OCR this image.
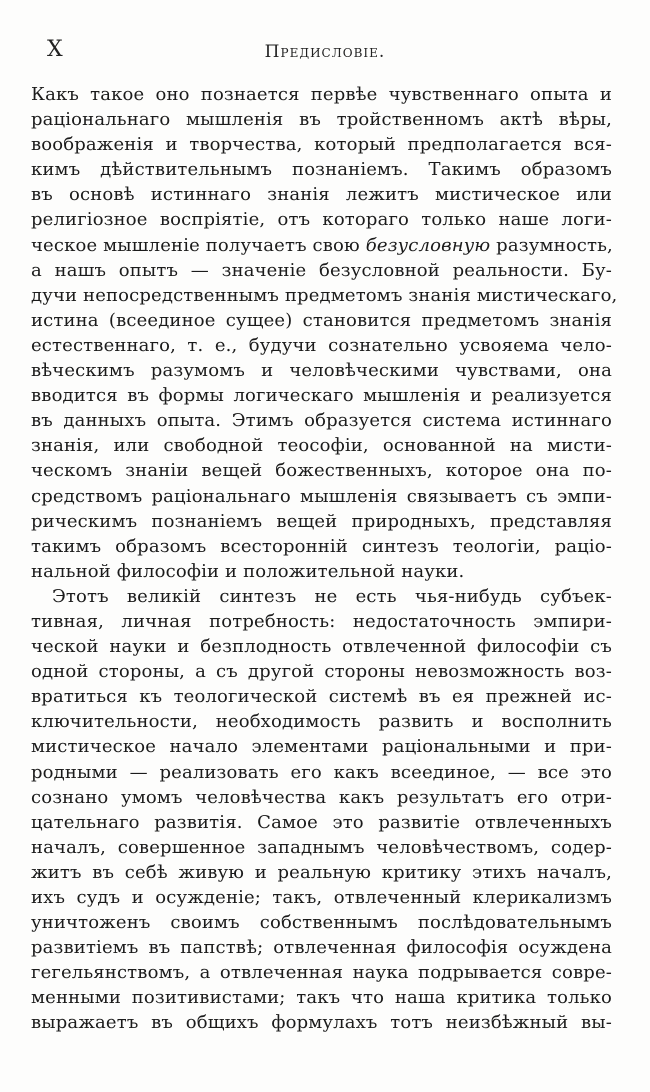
X	Предисловіе.
Какъ такое оно познается первѣе чувственнаго опыта и
раціональнаго мышленія въ тройственномъ актѣ вѣры,
воображенія и творчества, который предполагается вся-
кимъ дѣйствительнымъ познаніемъ. Такимъ образомъ
въ основѣ истиннаго знанія лежитъ мистическое или
религіозное воспріятіе, отъ котораго только наше логи-
ческое мышленіе получаетъ свою безусловную разумность,
а нашъ опытъ — значеніе безусловной реальности. Бу-
дучи непосредственнымъ предметомъ знанія мистическаго,
истина (всеединое сущее) становится предметомъ знанія
естественнаго, т. е., будучи сознательно усвояема чело-
вѣческимъ разумомъ и человѣческими чувствами, она
вводится въ формы логическаго мышленія и реализуется
въ данныхъ опыта. Этимъ образуется система истиннаго
знанія, или свободной теософіи, основанной на мисти-
ческомъ знаніи вещей божественныхъ, которое она по-
средствомъ раціональнаго мышленія связываетъ съ эмпи-
рическимъ познаніемъ вещей природныхъ, представляя
такимъ образомъ всесторонній синтезъ теологіи, раціо-
нальной философіи и положительной науки.
Этотъ великій синтезъ не есть чья-нибудь субъек-
тивная, личная потребность: недостаточность эмпири-
ческой науки и безплодность отвлеченной философіи съ
одной стороны, а съ другой стороны невозможность воз-
вратиться къ теологической системѣ въ ея прежней ис-
ключительности, необходимость развить и восполнить
мистическое начало элементами раціональными и при-
родными — реализовать его какъ всеединое, — все это
сознано умомъ человѣчества какъ результатъ его отри-
цательнаго развитія. Самое это развитіе отвлеченныхъ
началъ, совершенное западнымъ человѣчествомъ, содер-
житъ въ себѣ живую и реальную критику этихъ началъ,
ихъ судъ и осужденіе; такъ, отвлеченный клерикализмъ
уничтоженъ своимъ собственнымъ послѣдовательнымъ
развитіемъ въ папствѣ; отвлеченная философія осуждена
гегельянствомъ, а отвлеченная наука подрывается совре-
менными позитивистами; такъ что наша критика только
выражаетъ въ общихъ формулахъ тотъ неизбѣжный вы-
